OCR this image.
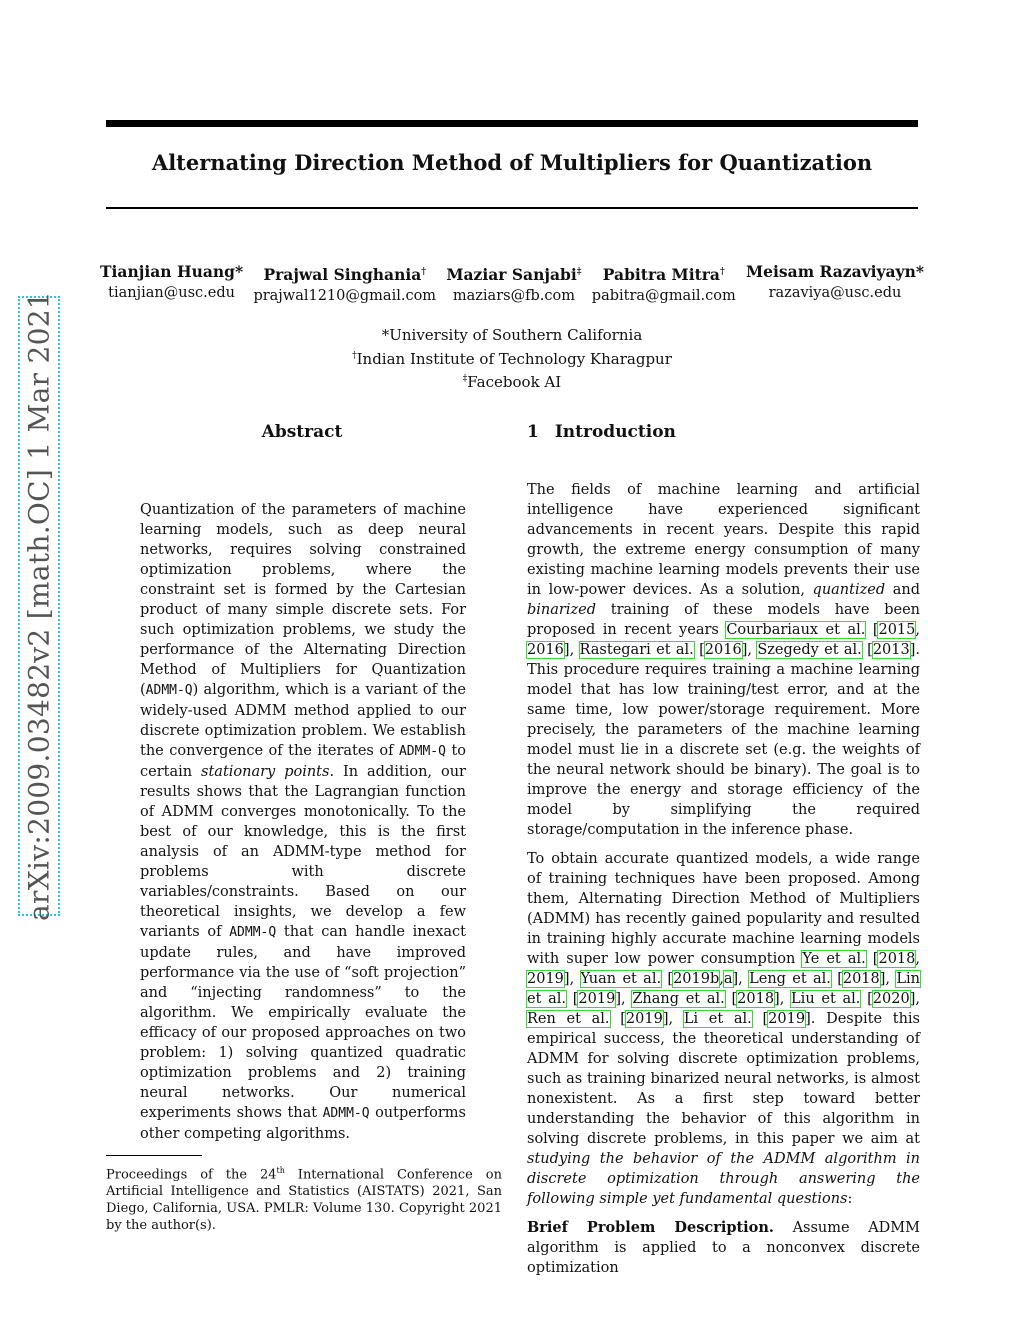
arXiv:2009.03482v2 [math.OC] 1 Mar 2021
Alternating Direction Method of Multipliers for Quantization
Tianjian Huang*
tianjian@usc.edu
Prajwal Singhania†
prajwal1210@gmail.com
Maziar Sanjabi‡
maziars@fb.com
Pabitra Mitra†
pabitra@gmail.com
Meisam Razaviyayn*
razaviya@usc.edu
*University of Southern California
†Indian Institute of Technology Kharagpur
‡Facebook AI
Abstract
Quantization of the parameters of machine learning models, such as deep neural networks, requires solving constrained optimization problems, where the constraint set is formed by the Cartesian product of many simple discrete sets. For such optimization problems, we study the performance of the Alternating Direction Method of Multipliers for Quantization (ADMM-Q) algorithm, which is a variant of the widely-used ADMM method applied to our discrete optimization problem. We establish the convergence of the iterates of ADMM-Q to certain stationary points. In addition, our results shows that the Lagrangian function of ADMM converges monotonically. To the best of our knowledge, this is the first analysis of an ADMM-type method for problems with discrete variables/constraints. Based on our theoretical insights, we develop a few variants of ADMM-Q that can handle inexact update rules, and have improved performance via the use of “soft projection” and “injecting randomness” to the algorithm. We empirically evaluate the efficacy of our proposed approaches on two problem: 1) solving quantized quadratic optimization problems and 2) training neural networks. Our numerical experiments shows that ADMM-Q outperforms other competing algorithms.
1 Introduction

The fields of machine learning and artificial intelligence have experienced significant advancements in recent years. Despite this rapid growth, the extreme energy consumption of many existing machine learning models prevents their use in low-power devices. As a solution, quantized and binarized training of these models have been proposed in recent years Courbariaux et al. [2015, 2016], Rastegari et al. [2016], Szegedy et al. [2013]. This procedure requires training a machine learning model that has low training/test error, and at the same time, low power/storage requirement. More precisely, the parameters of the machine learning model must lie in a discrete set (e.g. the weights of the neural network should be binary). The goal is to improve the energy and storage efficiency of the model by simplifying the required storage/computation in the inference phase.

To obtain accurate quantized models, a wide range of training techniques have been proposed. Among them, Alternating Direction Method of Multipliers (ADMM) has recently gained popularity and resulted in training highly accurate machine learning models with super low power consumption Ye et al. [2018, 2019], Yuan et al. [2019b,a], Leng et al. [2018], Lin et al. [2019], Zhang et al. [2018], Liu et al. [2020], Ren et al. [2019], Li et al. [2019]. Despite this empirical success, the theoretical understanding of ADMM for solving discrete optimization problems, such as training binarized neural networks, is almost nonexistent. As a first step toward better understanding the behavior of this algorithm in solving discrete problems, in this paper we aim at studying the behavior of the ADMM algorithm in discrete optimization through answering the following simple yet fundamental questions:

Brief Problem Description. Assume ADMM algorithm is applied to a nonconvex discrete optimization

Proceedings of the 24th International Conference on Artificial Intelligence and Statistics (AISTATS) 2021, San Diego, California, USA. PMLR: Volume 130. Copyright 2021 by the author(s).
